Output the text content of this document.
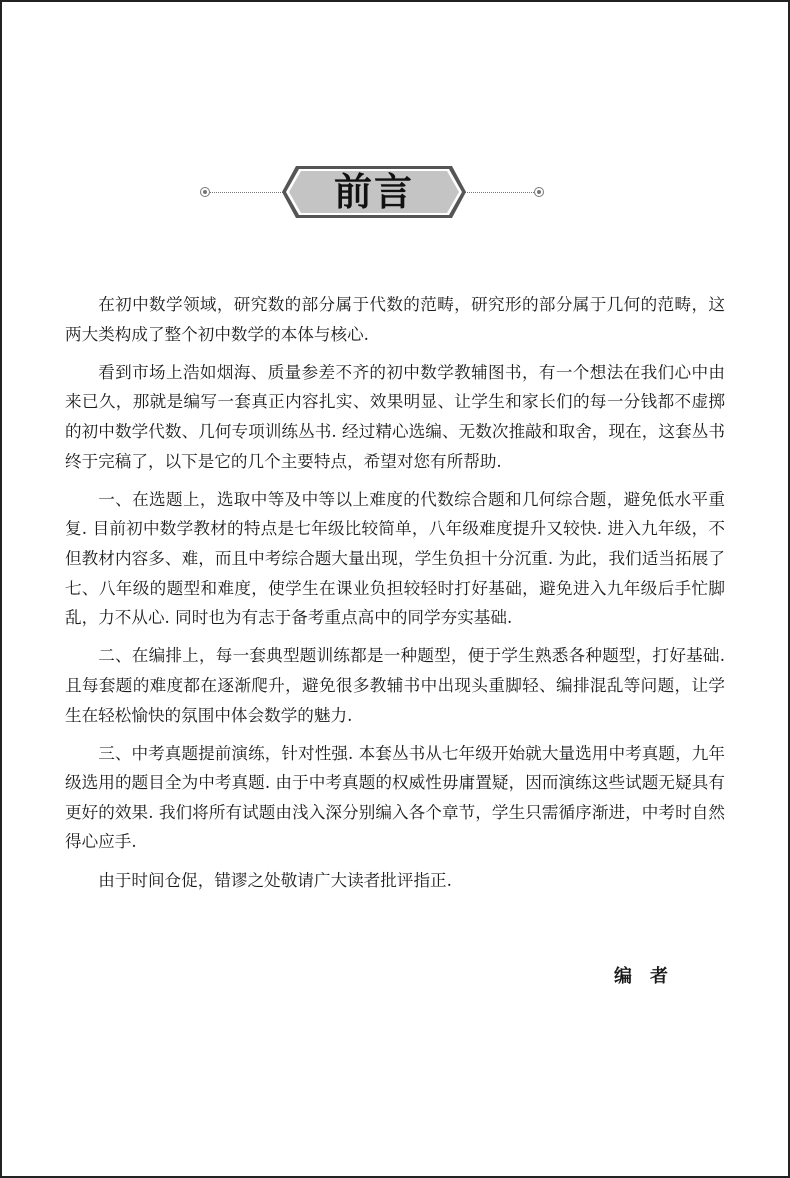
前言

在初中数学领域，研究数的部分属于代数的范畴，研究形的部分属于几何的范畴，这两大类构成了整个初中数学的本体与核心.

看到市场上浩如烟海、质量参差不齐的初中数学教辅图书，有一个想法在我们心中由来已久，那就是编写一套真正内容扎实、效果明显、让学生和家长们的每一分钱都不虚掷的初中数学代数、几何专项训练丛书. 经过精心选编、无数次推敲和取舍，现在，这套丛书终于完稿了，以下是它的几个主要特点，希望对您有所帮助.

一、在选题上，选取中等及中等以上难度的代数综合题和几何综合题，避免低水平重复. 目前初中数学教材的特点是七年级比较简单，八年级难度提升又较快. 进入九年级，不但教材内容多、难，而且中考综合题大量出现，学生负担十分沉重. 为此，我们适当拓展了七、八年级的题型和难度，使学生在课业负担较轻时打好基础，避免进入九年级后手忙脚乱，力不从心. 同时也为有志于备考重点高中的同学夯实基础.

二、在编排上，每一套典型题训练都是一种题型，便于学生熟悉各种题型，打好基础. 且每套题的难度都在逐渐爬升，避免很多教辅书中出现头重脚轻、编排混乱等问题，让学生在轻松愉快的氛围中体会数学的魅力.

三、中考真题提前演练，针对性强. 本套丛书从七年级开始就大量选用中考真题，九年级选用的题目全为中考真题. 由于中考真题的权威性毋庸置疑，因而演练这些试题无疑具有更好的效果. 我们将所有试题由浅入深分别编入各个章节，学生只需循序渐进，中考时自然得心应手.

由于时间仓促，错谬之处敬请广大读者批评指正.

编者
